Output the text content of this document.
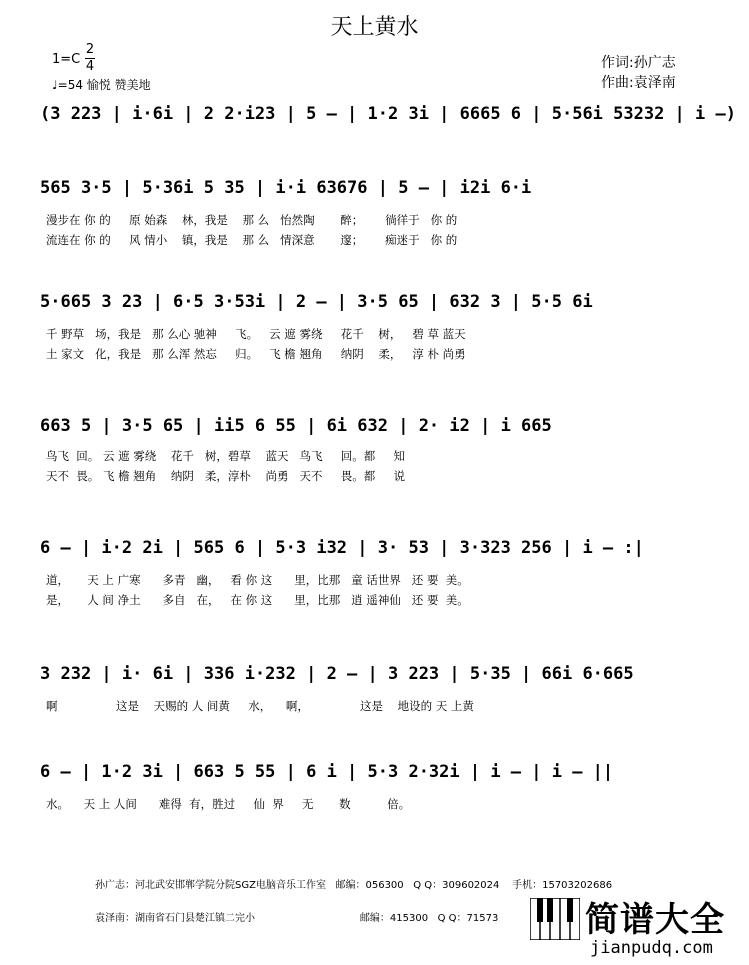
天上黄水
1=C
2
4
♩=54 愉悦 赞美地
作词:孙广志
作曲:袁泽南
(3 223 | i·6i | 2 2·i23 | 5 – | 1·2 3i | 6665 6 | 5·56i 53232 | i –)
565 3·5 | 5·36i 5 35 | i·i 63676 | 5 – | i2i 6·i
漫步在 你 的     原 始森    林，我是    那 么   怡然陶       醉；      徜徉于   你 的
流连在 你 的     风 情小    镇，我是    那 么   情深意       邃；      痴迷于   你 的
5·665 3 23 | 6·5 3·53i | 2 – | 3·5 65 | 632 3 | 5·5 6i
千 野草   场，我是   那 么心 驰神     飞。   云 遮 雾绕     花千    树，   碧 草 蓝天
土 家文   化，我是   那 么浑 然忘     归。   飞 檐 翘角     纳阴    柔，   淳 朴 尚勇
663 5 | 3·5 65 | ii5 6 55 | 6i 632 | 2· i2 | i 665
鸟飞  回。 云 遮 雾绕    花千   树，碧草    蓝天   鸟飞     回。都     知
天不  畏。 飞 檐 翘角    纳阴   柔，淳朴    尚勇   天不     畏。都     说
6 – | i·2 2i | 565 6 | 5·3 i32 | 3· 53 | 3·323 256 | i – :|
道，     天 上 广寒      多青   幽，   看 你 这      里，比那   童 话世界   还 要  美。
是，     人 间 净土      多自   在，   在 你 这      里，比那   逍 遥神仙   还 要  美。
3 232 | i· 6i | 336 i·232 | 2 – | 3 223 | 5·35 | 66i 6·665
啊                这是    天赐的 人 间黄     水，    啊，              这是    地设的 天 上黄
6 – | 1·2 3i | 663 5 55 | 6 i | 5·3 2·32i | i – | i – ||
水。    天 上 人间      难得  有，胜过     仙  界     无       数          倍。
孙广志：河北武安邯郸学院分院SGZ电脑音乐工作室   邮编：056300   Q Q：309602024    手机：15703202686
袁泽南：湖南省石门县楚江镇二完小                                 邮编：415300   Q Q：71573	简谱大全
jianpudq.com
